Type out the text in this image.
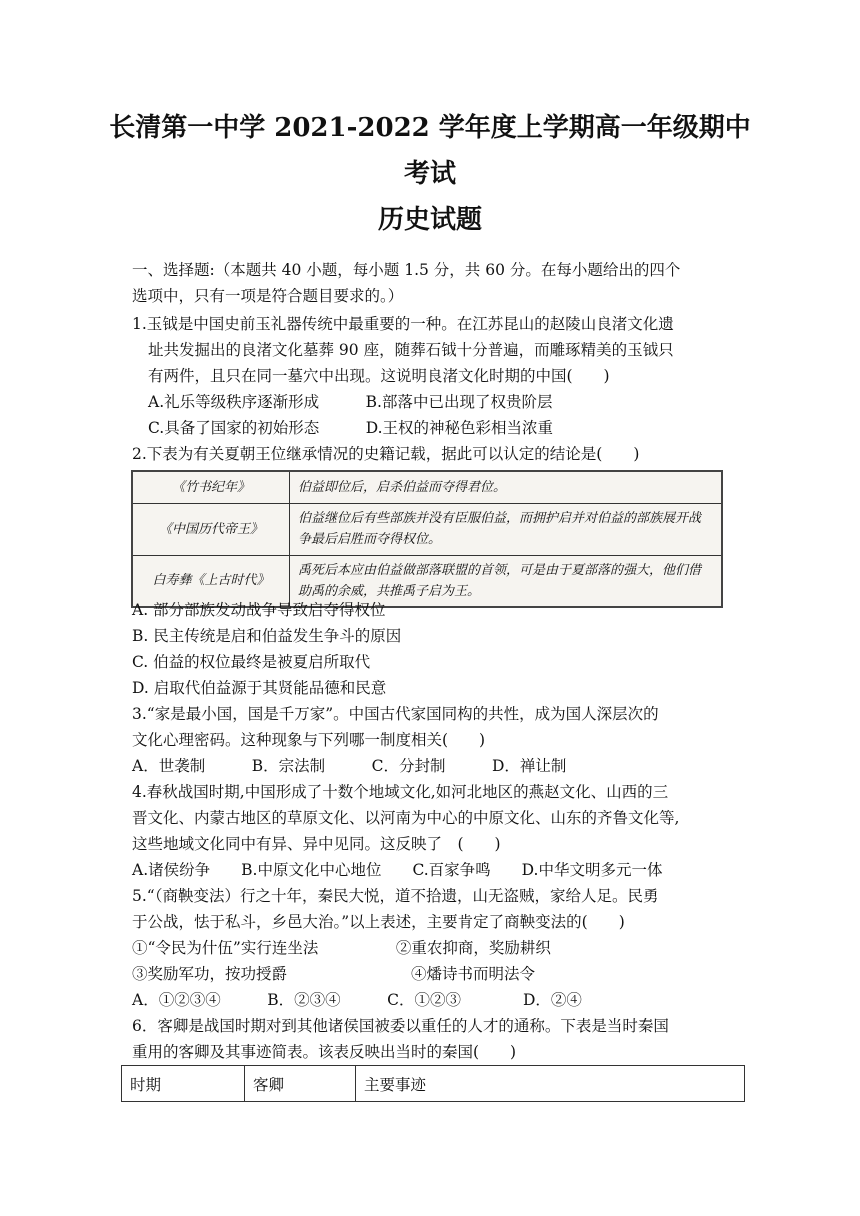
长清第一中学 2021-2022 学年度上学期高一年级期中
考试
历史试题
一、选择题:（本题共 40 小题，每小题 1.5 分，共 60 分。在每小题给出的四个
选项中，只有一项是符合题目要求的。）
1.玉钺是中国史前玉礼器传统中最重要的一种。在江苏昆山的赵陵山良渚文化遗
址共发掘出的良渚文化墓葬 90 座，随葬石钺十分普遍，而雕琢精美的玉钺只
有两件，且只在同一墓穴中出现。这说明良渚文化时期的中国(　　)
A.礼乐等级秩序逐渐形成　　　B.部落中已出现了权贵阶层
C.具备了国家的初始形态　　　D.王权的神秘色彩相当浓重
2.下表为有关夏朝王位继承情况的史籍记载，据此可以认定的结论是(　　)
《竹书纪年》	伯益即位后，启杀伯益而夺得君位。
《中国历代帝王》	伯益继位后有些部族并没有臣服伯益，而拥护启并对伯益的部族展开战争最后启胜而夺得权位。
白寿彝《上古时代》	禹死后本应由伯益做部落联盟的首领，可是由于夏部落的强大，他们借助禹的余威，共推禹子启为王。
A. 部分部族发动战争导致启夺得权位
B. 民主传统是启和伯益发生争斗的原因
C. 伯益的权位最终是被夏启所取代
D. 启取代伯益源于其贤能品德和民意
3.“家是最小国，国是千万家”。中国古代家国同构的共性，成为国人深层次的
文化心理密码。这种现象与下列哪一制度相关(　　)
A．世袭制　　　B．宗法制　　　C．分封制　　　D．禅让制
4.春秋战国时期,中国形成了十数个地域文化,如河北地区的燕赵文化、山西的三
晋文化、内蒙古地区的草原文化、以河南为中心的中原文化、山东的齐鲁文化等,
这些地域文化同中有异、异中见同。这反映了　(　　)
A.诸侯纷争　　B.中原文化中心地位　　C.百家争鸣　　D.中华文明多元一体
5.“（商鞅变法）行之十年，秦民大悦，道不拾遗，山无盗贼，家给人足。民勇
于公战，怯于私斗，乡邑大治。”以上表述，主要肯定了商鞅变法的(　　)
①“令民为什伍”实行连坐法　　　　　②重农抑商，奖励耕织
③奖励军功，按功授爵　　　　　　　　④燔诗书而明法令
A．①②③④　　　B．②③④　　　C．①②③　　　　D．②④
6．客卿是战国时期对到其他诸侯国被委以重任的人才的通称。下表是当时秦国
重用的客卿及其事迹简表。该表反映出当时的秦国(　　)
时期	客卿	主要事迹
